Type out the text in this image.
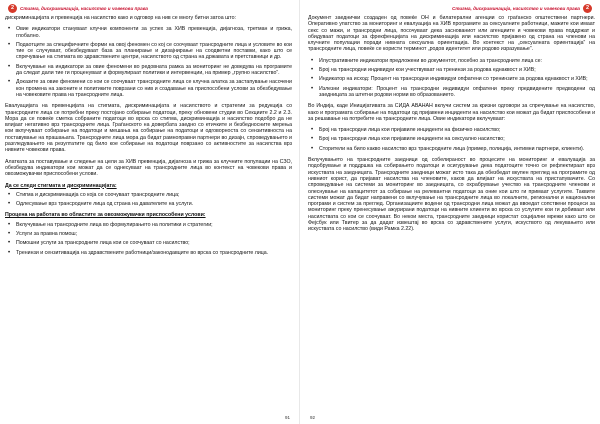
2	Стигма, дискриминација, насилство и човекови права

дискриминацијата и превенција на насилство како и одговор на нив се многу битни затоа што:

• Овие индикатори стануваат клучни компоненти за успех за ХИВ превенција, дијагноза, третман и грижа, глобално.
• Подаотците за специфичните форми на овој феномен со кој се соочуваат трансродните лица и условите во кои тие се случуваат, обезбедуваат база за планирање и дизајнирање на соодветни поставки, како што се спречување на стигмата во здравствените центри, насилството од страна на државата и претставници и др.
• Вклучување на индикатори за овие феномени во редовната рамка за мониторинг не доведува на програмите да следат дали тие ги проценуваат и формулираат политики и интервенции, на пример „групно насилство“.
• Доказите за овие феномени со кои се соочуваат трансродните лица се клучна алатка за застапување насочени кон промена на законите и политиките поврзани со нив и создавање на приспособени услови за обезбедување на човековите права на трансродните лица.

Евалуацијата на превенцијата на стигмата, дискриминацијата и насилството и стратегии за редукција со трансродните лица се потребни преку постојано собирање податоци, преку обновени студии во Секциите 2.2 и 2.3. Мора да се повеќе сметка собраните податоци во врска со стигма, дискриминација и насилство подобро да не влијаат негативно врз трансродните лица. Граѓанското на довербата заедно со етичките и безбедносните мерења кои вклучуваат собирање на податоци и мешања на собирање на податоци и одговорноста со сензитивноста на поставување на прашањата. Трансродните лица мора да бидат рамноправни партнери во дизајн, спроведувањето и разгледувањето на резултатите од било кое собирање на податоци поврзано со активностите за насилства врз нивните човекови права.

Алатката за поставување и следење на цели за ХИВ превенција, дијагноза и грижа за клучните популации на СЗО, обезбедува индикатори кои можат да се однесуваат на трансродните лица во контекст на човекови права и овозможувачки приспособени услови.

Да се следи стигмата и дискриминацијата:
• Стигма и дискриминација со која се соочуваат трансродните лица;
• Одлесување врз трансродните лица од страна на давателите на услуги.
Процена на работата во областите за овозможувачки приспособени услови:
• Вклучување на трансродните лица во формулирањето на политики и стратегии;
• Услуги за правна помош;
• Помошни услуги за трансродните лица кои се соочуваат со насилство;
• Тренинзи и сензитивација на здравствените работници/законодавците во врска со трансродните лица.
91
Стигма, дискриминација, насилство и човекови права	2

Документ заеднички создаден од повеќе ОН и билатерални агенции со граѓанско општествени партнери. Оперативно упатство за мониторинг и евалуација на ХИВ програмите за сексуалните работници, мажите кои имаат секс со мажи, и трансродни лица, посочуваат дека заснованиот или агенциите и човекови права поддржат и обидуваат податоци за фрекфенцијата на дискриминација или насилство пријавено од страна на членови на клучните популации поради нивната сексуална ориентација. Во контекст на „сексуалната ориентација“ на трансродните лица, повеќе се користи терминот „родов идентитет или родово изразување“.

• Илустративните индикатори предложени во документот, посебно за трансродните лица се:
• Број на трансродни индивидуи кои учествуваат на тренинзи за родова еднаквост и ХИВ;
• Индикатор на исход: Процент на трансродни индивидуи опфатени со тренинзите за родова еднаквост и ХИВ;
• Излезни индикатори: Процент на трансродни индивидуи опфатени преку предвидените предводени од заедницата за штетни родови норми во образованието.

Во Индија, каде Иницијативата за СИДА АВАНАН вклучи систем за кризни одговори за спречување на насилство, како и програмата собирање на податоци од пријавени инциденти на насилство кои можат да бидат приспособени и за решавање на потребите на трансродните лица. Овие индикатори вклучуваат:

• Број на трансродни лица кои пријавиле инциденти на физичко насилство;
• Број на трансродни лица кои пријавиле инциденти на сексуално насилство;
• Сторители на било какво насилство врз трансродните лица (пример, полиција, интимни партнери, клиенти).

Вклучувањето на трансродните заедници од собелираност во процесите на мониторинг и евалуација за подобрување и поддршка на собирањето податоци и осигурување дека податоците точно се рефлектираат врз искуствата на заедницата. Трансродните заедници можат исто така да обезбедат вкупен преглед на програмите од нивниот корист, да пријават насилства на членовите, каков да влијаат на искуствата на пристапувачите. Со спроведување на системи за мониторинг во заедницата, со охрабрување учество на трансродните членови и олеснување на капацитетот за собирање на релевантни податоци за оние кои што ги примаат услугите. Таквите системи можат да бидат направени со вклучување на трансродните лица во локалните, регионални и национални програми и систем за преглед. Организациите водени од трансродни лица можат да ввоедат сопствени процеси за мониторинг преку пренесување ажурирани податоци на нивните клиенти во врска со услугите кои ги добиваат или насилствата со кои се соочуваат. Во некои места, трансродните заедници користат социјални мрежи како што се Фејсбук или Твитер за да дадат извештај во врска со здравствените услуги, искуството од лекувањето или искуствата со насилство (види Рамка 2.22).

92
